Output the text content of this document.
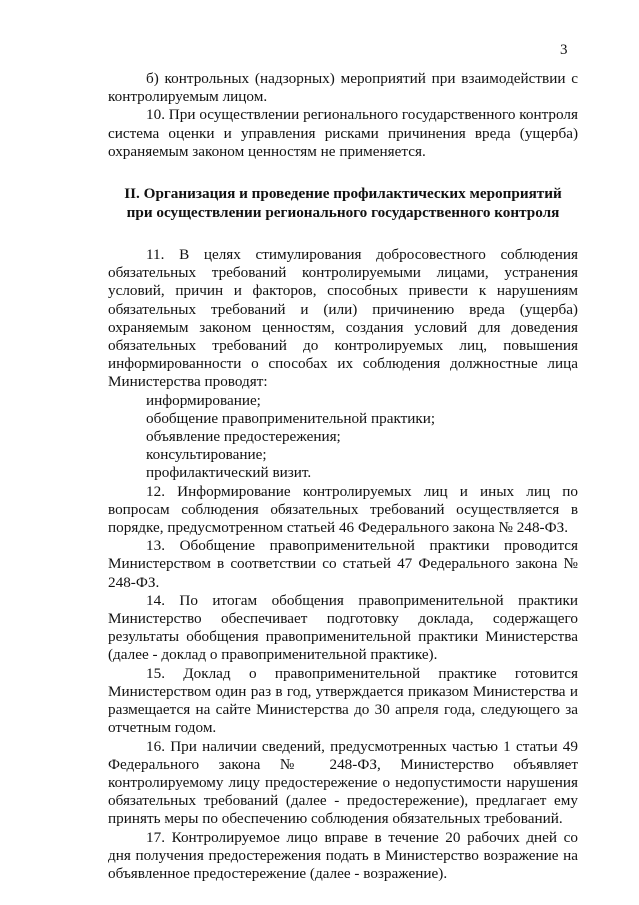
3

б) контрольных (надзорных) мероприятий при взаимодействии с контролируемым лицом.

10. При осуществлении регионального государственного контроля система оценки и управления рисками причинения вреда (ущерба) охраняемым законом ценностям не применяется.

II. Организация и проведение профилактических мероприятий
при осуществлении регионального государственного контроля

11. В целях стимулирования добросовестного соблюдения обязательных требований контролируемыми лицами, устранения условий, причин и факторов, способных привести к нарушениям обязательных требований и (или) причинению вреда (ущерба) охраняемым законом ценностям, создания условий для доведения обязательных требований до контролируемых лиц, повышения информированности о способах их соблюдения должностные лица Министерства проводят:

информирование;
обобщение правоприменительной практики;
объявление предостережения;
консультирование;
профилактический визит.

12. Информирование контролируемых лиц и иных лиц по вопросам соблюдения обязательных требований осуществляется в порядке, предусмотренном статьей 46 Федерального закона № 248-ФЗ.

13. Обобщение правоприменительной практики проводится Министерством в соответствии со статьей 47 Федерального закона № 248-ФЗ.

14. По итогам обобщения правоприменительной практики Министерство обеспечивает подготовку доклада, содержащего результаты обобщения правоприменительной практики Министерства (далее - доклад о правоприменительной практике).

15. Доклад о правоприменительной практике готовится Министерством один раз в год, утверждается приказом Министерства и размещается на сайте Министерства до 30 апреля года, следующего за отчетным годом.

16. При наличии сведений, предусмотренных частью 1 статьи 49 Федерального закона № 248-ФЗ, Министерство объявляет контролируемому лицу предостережение о недопустимости нарушения обязательных требований (далее - предостережение), предлагает ему принять меры по обеспечению соблюдения обязательных требований.

17. Контролируемое лицо вправе в течение 20 рабочих дней со дня получения предостережения подать в Министерство возражение на объявленное предостережение (далее - возражение).
